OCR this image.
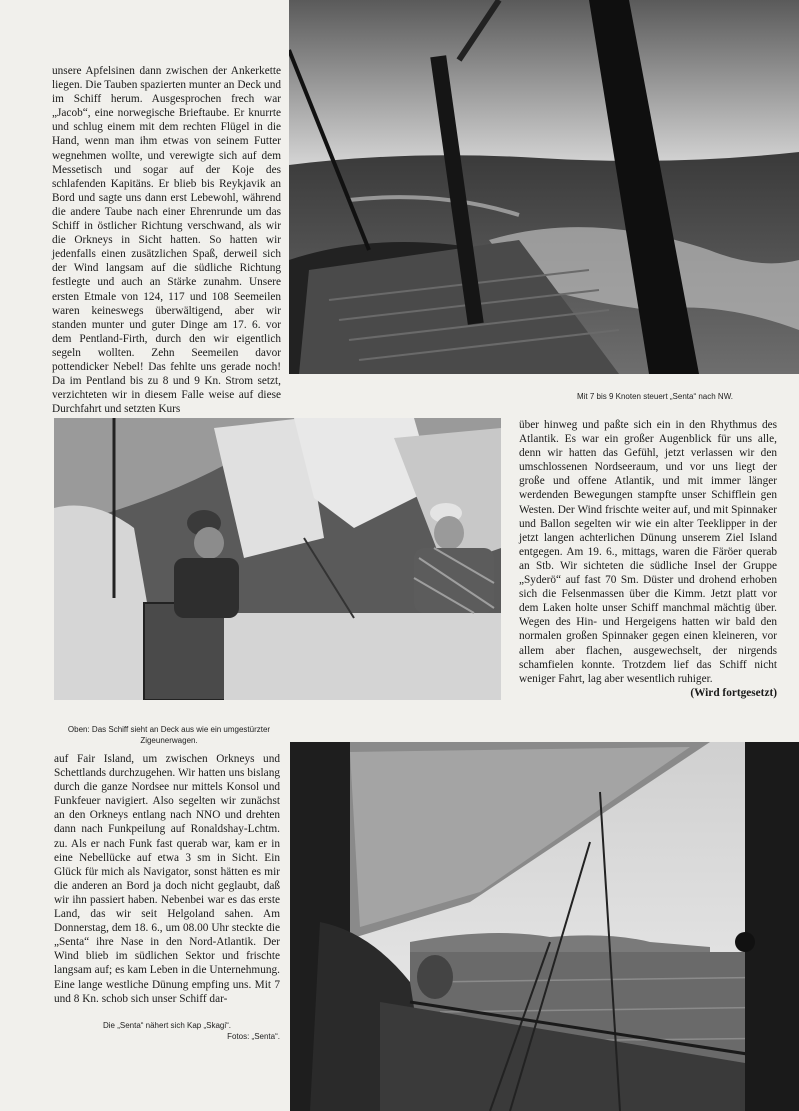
unsere Apfelsinen dann zwischen der Ankerkette liegen. Die Tauben spazierten munter an Deck und im Schiff herum. Ausgesprochen frech war „Jacob“, eine norwegische Brieftaube. Er knurrte und schlug einem mit dem rechten Flügel in die Hand, wenn man ihm etwas von seinem Futter wegnehmen wollte, und verewigte sich auf dem Messetisch und sogar auf der Koje des schlafenden Kapitäns. Er blieb bis Reykjavik an Bord und sagte uns dann erst Lebewohl, während die andere Taube nach einer Ehrenrunde um das Schiff in östlicher Richtung verschwand, als wir die Orkneys in Sicht hatten. So hatten wir jedenfalls einen zusätzlichen Spaß, derweil sich der Wind langsam auf die südliche Richtung festlegte und auch an Stärke zunahm. Unsere ersten Etmale von 124, 117 und 108 Seemeilen waren keineswegs überwältigend, aber wir standen munter und guter Dinge am 17. 6. vor dem Pentland-Firth, durch den wir eigentlich segeln wollten. Zehn Seemeilen davor pottendicker Nebel! Das fehlte uns gerade noch! Da im Pentland bis zu 8 und 9 Kn. Strom setzt, verzichteten wir in diesem Falle weise auf diese Durchfahrt und setzten Kurs

Mit 7 bis 9 Knoten steuert „Senta“ nach NW.

über hinweg und paßte sich ein in den Rhythmus des Atlantik. Es war ein großer Augenblick für uns alle, denn wir hatten das Gefühl, jetzt verlassen wir den umschlossenen Nordseeraum, und vor uns liegt der große und offene Atlantik, und mit immer länger werdenden Bewegungen stampfte unser Schifflein gen Westen. Der Wind frischte weiter auf, und mit Spinnaker und Ballon segelten wir wie ein alter Teeklipper in der jetzt langen achterlichen Dünung unserem Ziel Island entgegen. Am 19. 6., mittags, waren die Färöer querab an Stb. Wir sichteten die südliche Insel der Gruppe „Syderö“ auf fast 70 Sm. Düster und drohend erhoben sich die Felsenmassen über die Kimm. Jetzt platt vor dem Laken holte unser Schiff manchmal mächtig über. Wegen des Hin- und Hergeigens hatten wir bald den normalen großen Spinnaker gegen einen kleineren, vor allem aber flachen, ausgewechselt, der nirgends schamfielen konnte. Trotzdem lief das Schiff nicht weniger Fahrt, lag aber wesentlich ruhiger.

(Wird fortgesetzt)

Oben: Das Schiff sieht an Deck aus wie ein umgestürzter Zigeunerwagen.

auf Fair Island, um zwischen Orkneys und Schettlands durchzugehen. Wir hatten uns bislang durch die ganze Nordsee nur mittels Konsol und Funkfeuer navigiert. Also segelten wir zunächst an den Orkneys entlang nach NNO und drehten dann nach Funkpeilung auf Ronaldshay-Lchtm. zu. Als er nach Funk fast querab war, kam er in eine Nebellücke auf etwa 3 sm in Sicht. Ein Glück für mich als Navigator, sonst hätten es mir die anderen an Bord ja doch nicht geglaubt, daß wir ihn passiert haben. Nebenbei war es das erste Land, das wir seit Helgoland sahen. Am Donnerstag, dem 18. 6., um 08.00 Uhr steckte die „Senta“ ihre Nase in den Nord-Atlantik. Der Wind blieb im südlichen Sektor und frischte langsam auf; es kam Leben in die Unternehmung. Eine lange westliche Dünung empfing uns. Mit 7 und 8 Kn. schob sich unser Schiff dar-

Die „Senta“ nähert sich Kap „Skagi“.
Fotos: „Senta“.
